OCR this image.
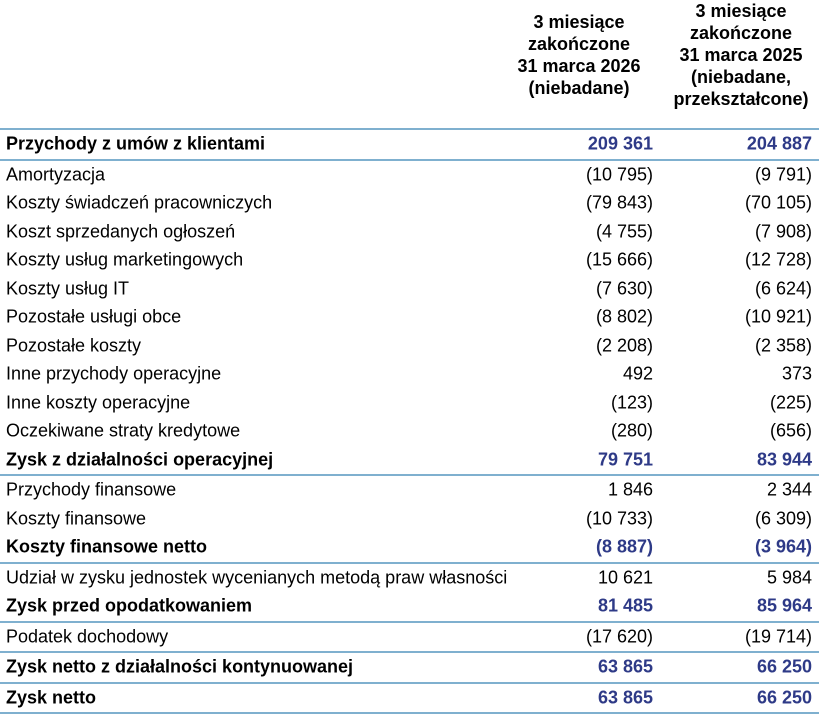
3 miesiące
zakończone
31 marca 2026
(niebadane)
3 miesiące
zakończone
31 marca 2025
(niebadane,
przekształcone)
Przychody z umów z klientami	209 361	204 887
Amortyzacja	(10 795)	(9 791)
Koszty świadczeń pracowniczych	(79 843)	(70 105)
Koszt sprzedanych ogłoszeń	(4 755)	(7 908)
Koszty usług marketingowych	(15 666)	(12 728)
Koszty usług IT	(7 630)	(6 624)
Pozostałe usługi obce	(8 802)	(10 921)
Pozostałe koszty	(2 208)	(2 358)
Inne przychody operacyjne	492	373
Inne koszty operacyjne	(123)	(225)
Oczekiwane straty kredytowe	(280)	(656)
Zysk z działalności operacyjnej	79 751	83 944
Przychody finansowe	1 846	2 344
Koszty finansowe	(10 733)	(6 309)
Koszty finansowe netto	(8 887)	(3 964)
Udział w zysku jednostek wycenianych metodą praw własności	10 621	5 984
Zysk przed opodatkowaniem	81 485	85 964
Podatek dochodowy	(17 620)	(19 714)
Zysk netto z działalności kontynuowanej	63 865	66 250
Zysk netto	63 865	66 250
